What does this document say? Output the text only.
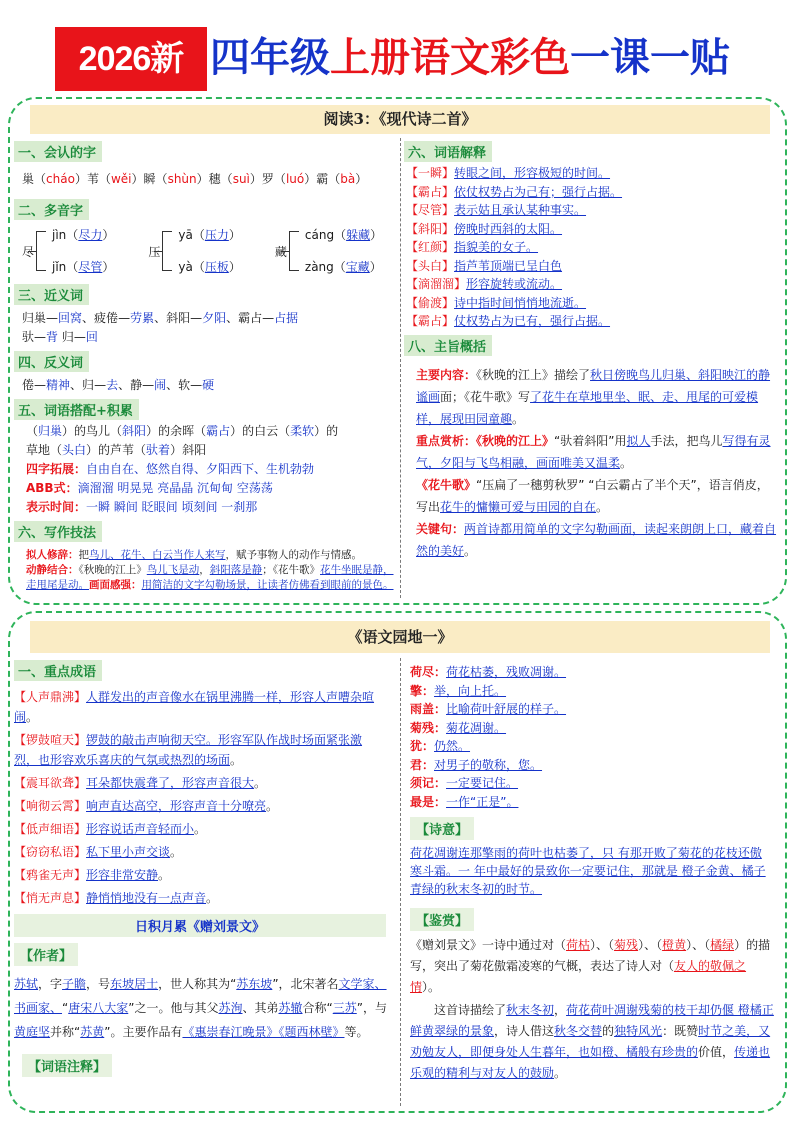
2026新 四年级上册语文彩色一课一贴
阅读3：《现代诗二首》
一、会认的字
巢（cháo）苇（wěi）瞬（shùn）穗（suì）罗（luó）霸（bà）
二、多音字
尽
jìn（尽力）
jǐn（尽管）
压
yā（压力）
yà（压板）
藏
cáng（躲藏）
zàng（宝藏）
三、近义词
归巢—回窝、疲倦—劳累、斜阳—夕阳、霸占—占据
驮—背 归—回
四、反义词
倦—精神、归—去、静—闹、软—硬
五、词语搭配+积累
（归巢）的鸟儿（斜阳）的余晖（霸占）的白云（柔软）的
草地（头白）的芦苇（驮着）斜阳
四字拓展：自由自在、悠然自得、夕阳西下、生机勃勃
ABB式：滴溜溜 明晃晃 亮晶晶 沉甸甸 空荡荡
表示时间：一瞬 瞬间 眨眼间 顷刻间 一刹那
六、写作技法
拟人修辞：把鸟儿、花牛、白云当作人来写，赋予事物人的动作与情感。
动静结合：《秋晚的江上》鸟儿飞是动，斜阳落是静；《花牛歌》花牛坐眠是静，走甩尾是动。画面感强：用简洁的文字勾勒场景，让读者仿佛看到眼前的景色。
六、词语解释
【一瞬】转眼之间，形容极短的时间。
【霸占】依仗权势占为己有；强行占据。
【尽管】表示姑且承认某种事实。
【斜阳】傍晚时西斜的太阳。
【红颜】指貌美的女子。
【头白】指芦苇顶端已呈白色
【滴溜溜】形容旋转或流动。
【偷渡】诗中指时间悄悄地流逝。
【霸占】仗权势占为已有，强行占据。
八、主旨概括
主要内容：《秋晚的江上》描绘了秋日傍晚鸟儿归巢、斜阳映江的静谧画面；《花牛歌》写了花牛在草地里坐、眠、走、甩尾的可爱模样，展现田园童趣。
重点赏析：《秋晚的江上》“驮着斜阳”用拟人手法，把鸟儿写得有灵气，夕阳与飞鸟相融，画面唯美又温柔。
《花牛歌》“压扁了一穗剪秋罗” “白云霸占了半个天”，语言俏皮，写出花牛的慵懒可爱与田园的自在。
关键句：两首诗都用简单的文字勾勒画面，读起来朗朗上口，藏着自然的美好。
《语文园地一》
一、重点成语
【人声鼎沸】人群发出的声音像水在锅里沸腾一样，形容人声嘈杂喧闹。
【锣鼓喧天】锣鼓的敲击声响彻天空。形容军队作战时场面紧张激烈，也形容欢乐喜庆的气氛或热烈的场面。
【震耳欲聋】耳朵都快震聋了，形容声音很大。
【响彻云霄】响声直达高空，形容声音十分嘹亮。
【低声细语】形容说话声音轻而小。
【窃窃私语】私下里小声交谈。
【鸦雀无声】形容非常安静。
【悄无声息】静悄悄地没有一点声音。
日积月累《赠刘景文》
【作者】
苏轼，字子瞻，号东坡居士，世人称其为“苏东坡”，北宋著名文学家、书画家、“唐宋八大家”之一。他与其父苏洵、其弟苏辙合称“三苏”，与黄庭坚并称“苏黄”。主要作品有《惠崇春江晚景》《题西林壁》等。
【词语注释】
荷尽：荷花枯萎，残败凋谢。
擎：举，向上托。
雨盖：比喻荷叶舒展的样子。
菊残：菊花凋谢。
犹：仍然。
君：对男子的敬称，您。
须记：一定要记住。
最是：一作“正是”。
【诗意】
荷花凋谢连那擎雨的荷叶也枯萎了，只 有那开败了菊花的花枝还傲寒斗霜。一 年中最好的景致你一定要记住，那就是 橙子金黄、橘子青绿的秋末冬初的时节。
【鉴赏】
《赠刘景文》一诗中通过对（荷枯）、（菊残）、（橙黄）、（橘绿）的描写，突出了菊花傲霜凌寒的气概，表达了诗人对（友人的敬佩之情）。
这首诗描绘了秋末冬初，荷花荷叶凋谢残菊的枝干却仍偃 橙橘正鲜黄翠绿的景象，诗人借这秋冬交替的独特风光：既赞时节之美，又劝勉友人，即便身处人生暮年，也如橙、橘般有珍贵的价值，传递也乐观的精利与对友人的鼓励。
